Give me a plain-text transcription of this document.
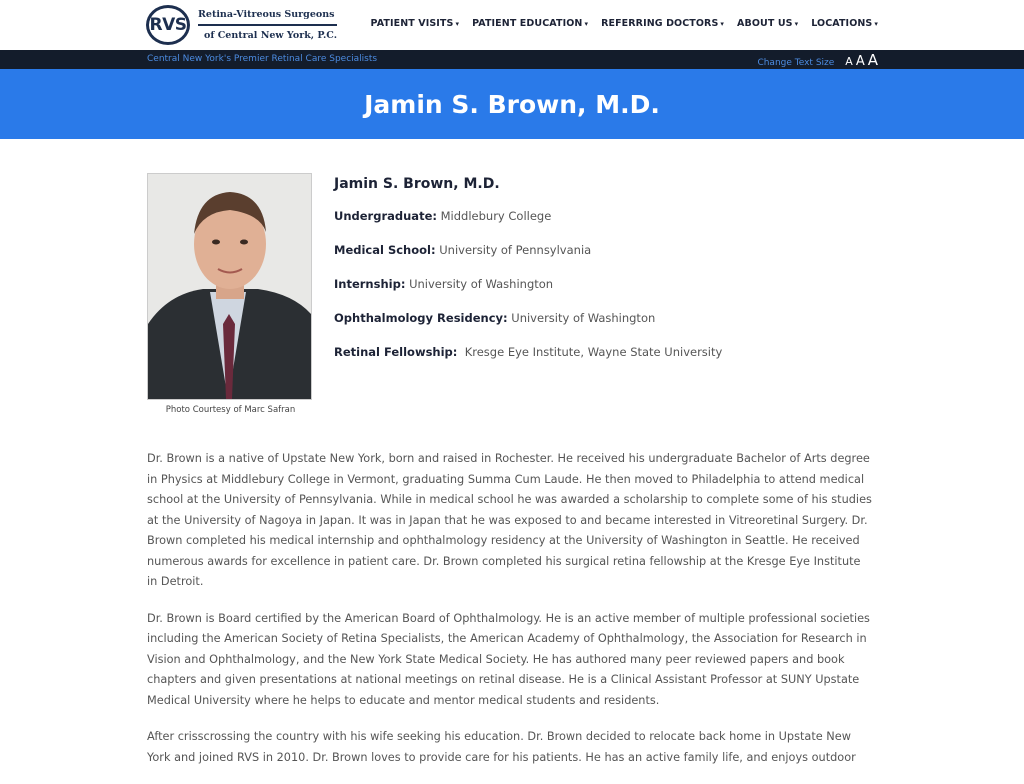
RVS
Retina-Vitreous Surgeons
of Central New York, P.C.
PATIENT VISITS ▾ PATIENT EDUCATION ▾ REFERRING DOCTORS ▾ ABOUT US ▾ LOCATIONS ▾
Central New York's Premier Retinal Care Specialists	Change Text Size A A A
Jamin S. Brown, M.D.
Photo Courtesy of Marc Safran
Jamin S. Brown, M.D.
Undergraduate: Middlebury College
Medical School: University of Pennsylvania
Internship: University of Washington
Ophthalmology Residency: University of Washington
Retinal Fellowship: Kresge Eye Institute, Wayne State University

Dr. Brown is a native of Upstate New York, born and raised in Rochester. He received his undergraduate Bachelor of Arts degree in Physics at Middlebury College in Vermont, graduating Summa Cum Laude. He then moved to Philadelphia to attend medical school at the University of Pennsylvania. While in medical school he was awarded a scholarship to complete some of his studies at the University of Nagoya in Japan. It was in Japan that he was exposed to and became interested in Vitreoretinal Surgery. Dr. Brown completed his medical internship and ophthalmology residency at the University of Washington in Seattle. He received numerous awards for excellence in patient care. Dr. Brown completed his surgical retina fellowship at the Kresge Eye Institute in Detroit.

Dr. Brown is Board certified by the American Board of Ophthalmology. He is an active member of multiple professional societies including the American Society of Retina Specialists, the American Academy of Ophthalmology, the Association for Research in Vision and Ophthalmology, and the New York State Medical Society. He has authored many peer reviewed papers and book chapters and given presentations at national meetings on retinal disease. He is a Clinical Assistant Professor at SUNY Upstate Medical University where he helps to educate and mentor medical students and residents.

After crisscrossing the country with his wife seeking his education. Dr. Brown decided to relocate back home in Upstate New York and joined RVS in 2010. Dr. Brown loves to provide care for his patients. He has an active family life, and enjoys outdoor
